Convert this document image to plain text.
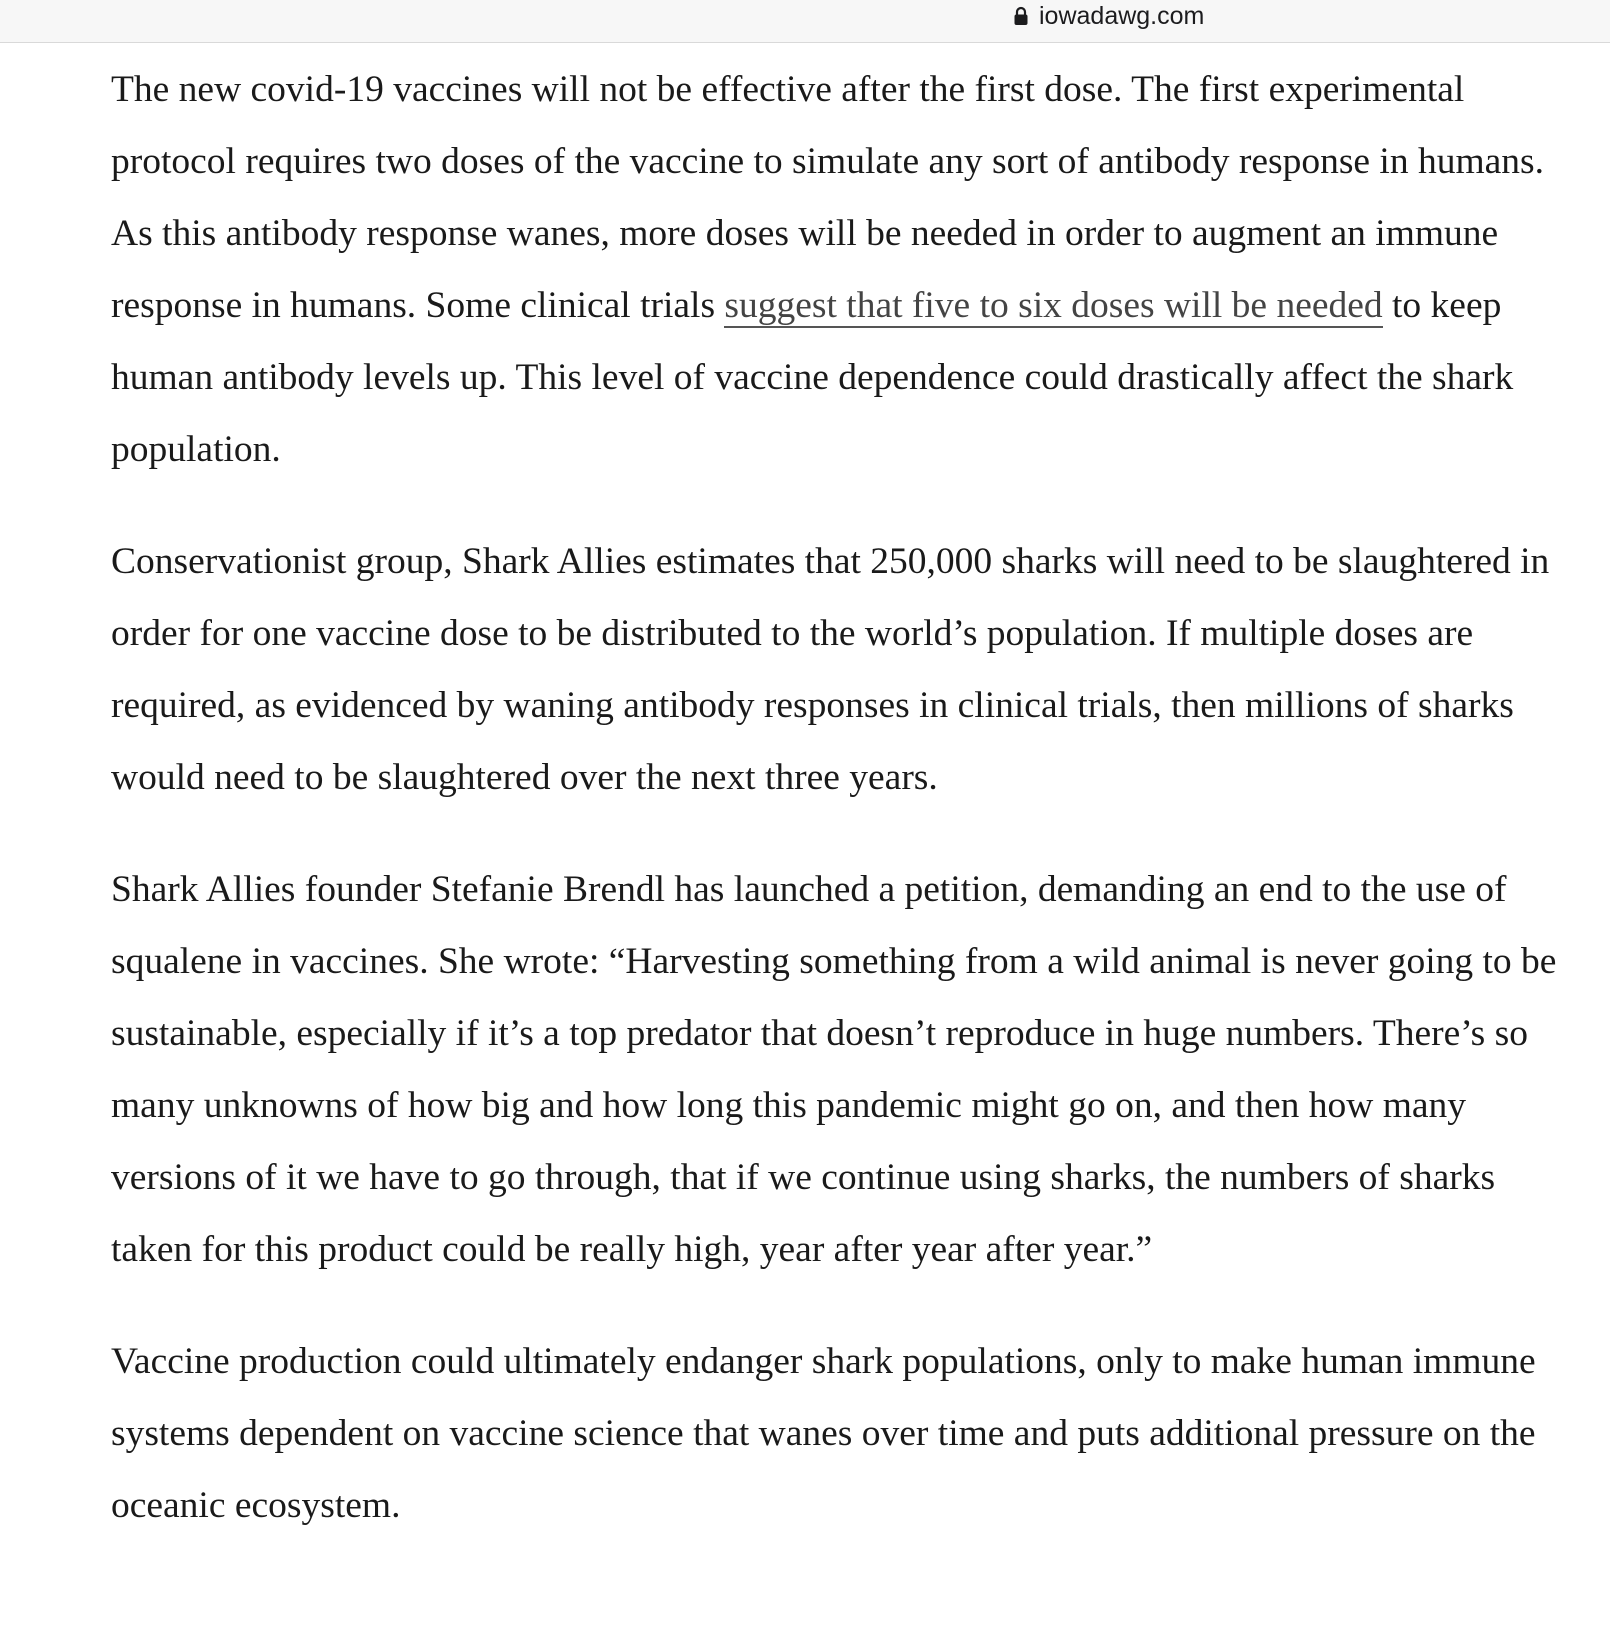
iowadawg.com

The new covid-19 vaccines will not be effective after the first dose. The first experimental protocol requires two doses of the vaccine to simulate any sort of antibody response in humans. As this antibody response wanes, more doses will be needed in order to augment an immune response in humans. Some clinical trials suggest that five to six doses will be needed to keep human antibody levels up. This level of vaccine dependence could drastically affect the shark population.

Conservationist group, Shark Allies estimates that 250,000 sharks will need to be slaughtered in order for one vaccine dose to be distributed to the world’s population. If multiple doses are required, as evidenced by waning antibody responses in clinical trials, then millions of sharks would need to be slaughtered over the next three years.

Shark Allies founder Stefanie Brendl has launched a petition, demanding an end to the use of squalene in vaccines. She wrote: “Harvesting something from a wild animal is never going to be sustainable, especially if it’s a top predator that doesn’t reproduce in huge numbers. There’s so many unknowns of how big and how long this pandemic might go on, and then how many versions of it we have to go through, that if we continue using sharks, the numbers of sharks taken for this product could be really high, year after year after year.”

Vaccine production could ultimately endanger shark populations, only to make human immune systems dependent on vaccine science that wanes over time and puts additional pressure on the oceanic ecosystem.
